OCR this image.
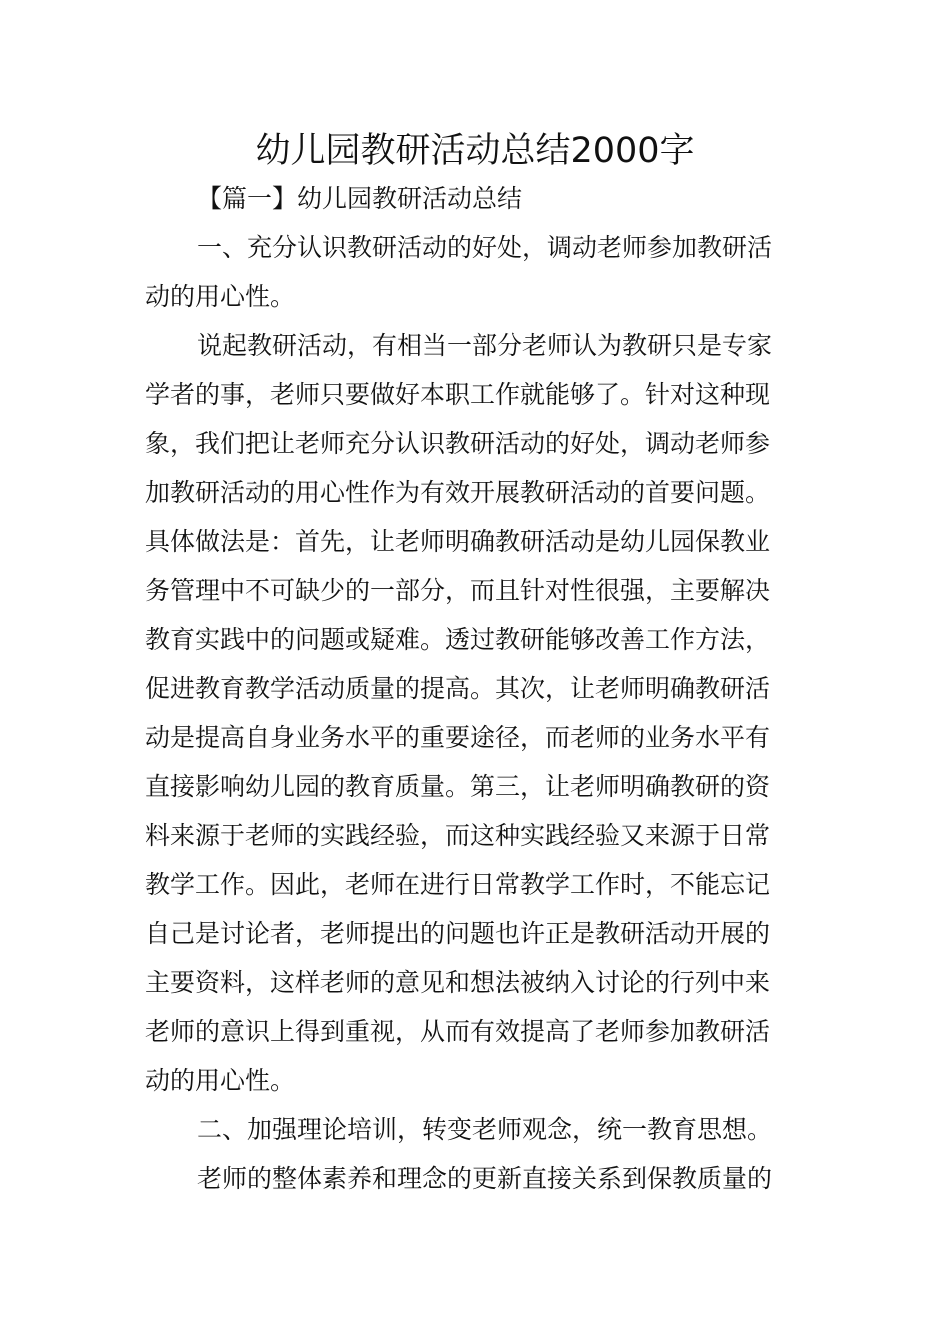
幼儿园教研活动总结2000字
【篇一】幼儿园教研活动总结
一、充分认识教研活动的好处，调动老师参加教研活
动的用心性。
说起教研活动，有相当一部分老师认为教研只是专家
学者的事，老师只要做好本职工作就能够了。针对这种现
象，我们把让老师充分认识教研活动的好处，调动老师参
加教研活动的用心性作为有效开展教研活动的首要问题。
具体做法是：首先，让老师明确教研活动是幼儿园保教业
务管理中不可缺少的一部分，而且针对性很强，主要解决
教育实践中的问题或疑难。透过教研能够改善工作方法，
促进教育教学活动质量的提高。其次，让老师明确教研活
动是提高自身业务水平的重要途径，而老师的业务水平有
直接影响幼儿园的教育质量。第三，让老师明确教研的资
料来源于老师的实践经验，而这种实践经验又来源于日常
教学工作。因此，老师在进行日常教学工作时，不能忘记
自己是讨论者，老师提出的问题也许正是教研活动开展的
主要资料，这样老师的意见和想法被纳入讨论的行列中来
老师的意识上得到重视，从而有效提高了老师参加教研活
动的用心性。
二、加强理论培训，转变老师观念，统一教育思想。
老师的整体素养和理念的更新直接关系到保教质量的
